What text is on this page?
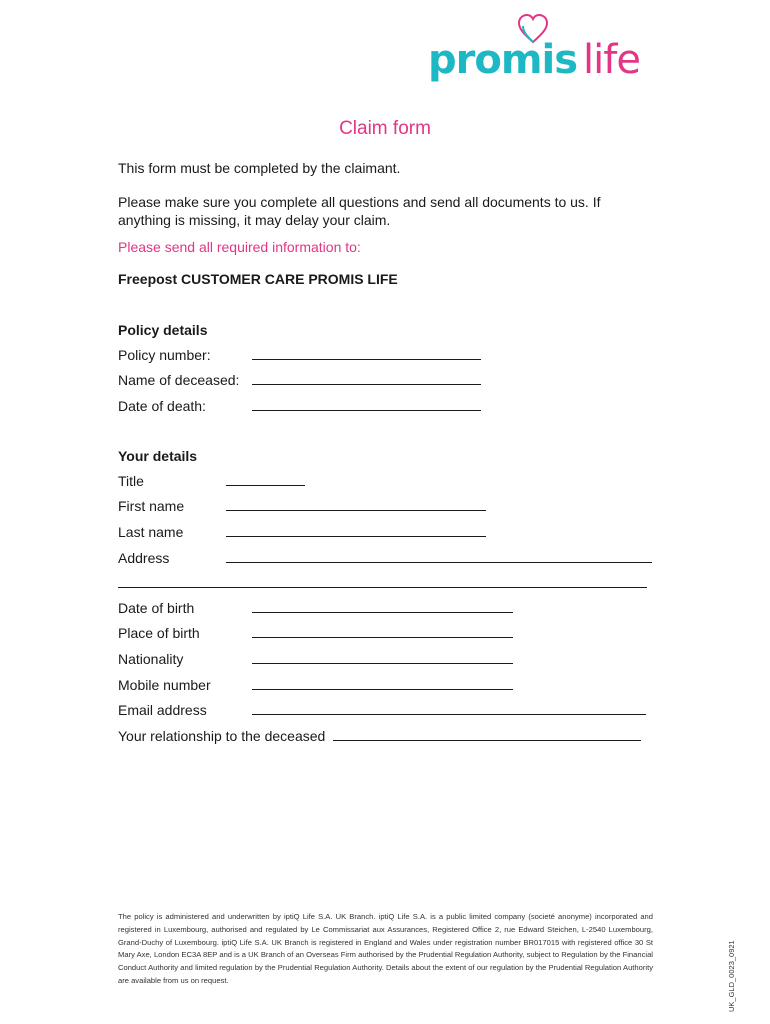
promis life
Claim form
This form must be completed by the claimant.
Please make sure you complete all questions and send all documents to us. If anything is missing, it may delay your claim.
Please send all required information to:
Freepost CUSTOMER CARE PROMIS LIFE
Policy details
Policy number:
Name of deceased:
Date of death:
Your details
Title
First name
Last name
Address
Date of birth
Place of birth
Nationality
Mobile number
Email address
Your relationship to the deceased
The policy is administered and underwritten by iptiQ Life S.A. UK Branch. iptiQ Life S.A. is a public limited company (societé anonyme) incorporated and registered in Luxembourg, authorised and regulated by Le Commissariat aux Assurances, Registered Office 2, rue Edward Steichen, L-2540 Luxembourg, Grand-Duchy of Luxembourg. iptiQ Life S.A. UK Branch is registered in England and Wales under registration number BR017015 with registered office 30 St Mary Axe, London EC3A 8EP and is a UK Branch of an Overseas Firm authorised by the Prudential Regulation Authority, subject to Regulation by the Financial Conduct Authority and limited regulation by the Prudential Regulation Authority. Details about the extent of our regulation by the Prudential Regulation Authority are available from us on request.	UK_GLD_0023_0921
